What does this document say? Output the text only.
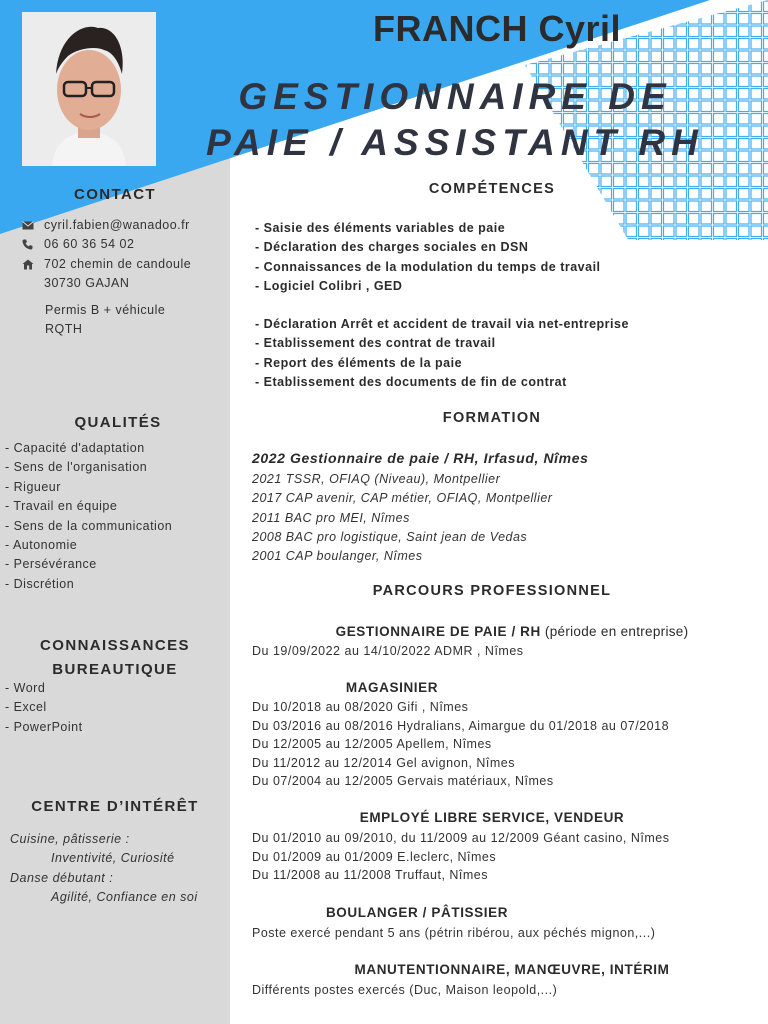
FRANCH Cyril
GESTIONNAIRE DE
PAIE / ASSISTANT RH
CONTACT
cyril.fabien@wanadoo.fr
06 60 36 54 02
702 chemin de candoule
30730 GAJAN
Permis B + véhicule
RQTH
QUALITÉS
- Capacité d'adaptation
- Sens de l'organisation
- Rigueur
- Travail en équipe
- Sens de la communication
- Autonomie
- Persévérance
- Discrétion
CONNAISSANCES
BUREAUTIQUE
- Word
- Excel
- PowerPoint
CENTRE D’INTÉRÊT
Cuisine, pâtisserie :
Inventivité, Curiosité
Danse débutant :
Agilité, Confiance en soi
COMPÉTENCES
- Saisie des éléments variables de paie
- Déclaration des charges sociales en DSN
- Connaissances de la modulation du temps de travail
- Logiciel Colibri , GED
- Déclaration Arrêt et accident de travail via net-entreprise
- Etablissement des contrat de travail
- Report des éléments de la paie
- Etablissement des documents de fin de contrat
FORMATION
2022 Gestionnaire de paie / RH, Irfasud, Nîmes
2021 TSSR, OFIAQ (Niveau), Montpellier
2017 CAP avenir, CAP métier, OFIAQ, Montpellier
2011 BAC pro MEI, Nîmes
2008 BAC pro logistique, Saint jean de Vedas
2001 CAP boulanger, Nîmes
PARCOURS PROFESSIONNEL
GESTIONNAIRE DE PAIE / RH (période en entreprise)
Du 19/09/2022 au 14/10/2022 ADMR , Nîmes
MAGASINIER
Du 10/2018 au 08/2020 Gifi , Nîmes
Du 03/2016 au 08/2016 Hydralians, Aimargue du 01/2018 au 07/2018
Du 12/2005 au 12/2005 Apellem, Nîmes
Du 11/2012 au 12/2014 Gel avignon, Nîmes
Du 07/2004 au 12/2005 Gervais matériaux, Nîmes
EMPLOYÉ LIBRE SERVICE, VENDEUR
Du 01/2010 au 09/2010, du 11/2009 au 12/2009 Géant casino, Nîmes
Du 01/2009 au 01/2009 E.leclerc, Nîmes
Du 11/2008 au 11/2008 Truffaut, Nîmes
BOULANGER / PÂTISSIER
Poste exercé pendant 5 ans (pétrin ribérou, aux péchés mignon,...)
MANUTENTIONNAIRE, MANŒUVRE, INTÉRIM
Différents postes exercés (Duc, Maison leopold,...)
